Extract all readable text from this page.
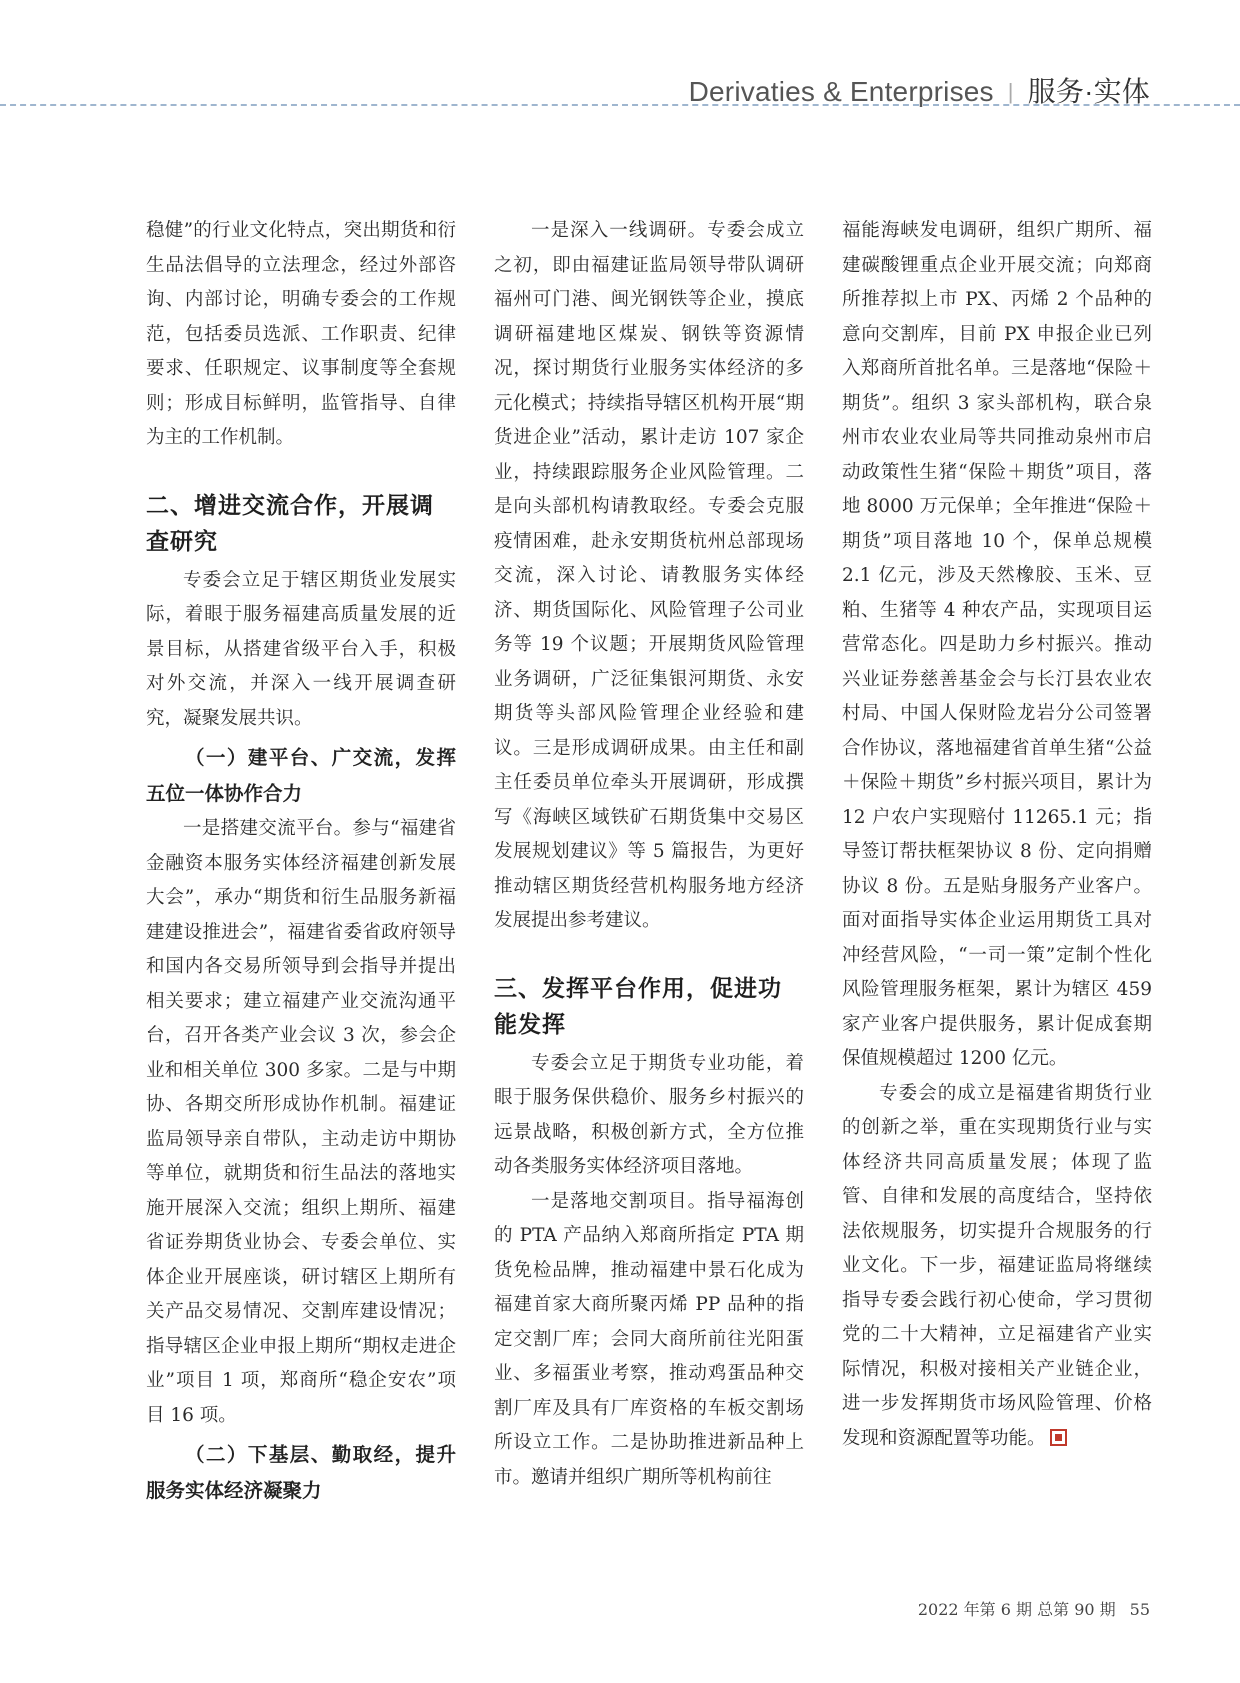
Derivaties & Enterprises | 服务·实体

稳健”的行业文化特点，突出期货和衍生品法倡导的立法理念，经过外部咨询、内部讨论，明确专委会的工作规范，包括委员选派、工作职责、纪律要求、任职规定、议事制度等全套规则；形成目标鲜明，监管指导、自律为主的工作机制。

二、增进交流合作，开展调查研究

专委会立足于辖区期货业发展实际，着眼于服务福建高质量发展的近景目标，从搭建省级平台入手，积极对外交流，并深入一线开展调查研究，凝聚发展共识。

（一）建平台、广交流，发挥五位一体协作合力

一是搭建交流平台。参与“福建省金融资本服务实体经济福建创新发展大会”，承办“期货和衍生品服务新福建建设推进会”，福建省委省政府领导和国内各交易所领导到会指导并提出相关要求；建立福建产业交流沟通平台，召开各类产业会议 3 次，参会企业和相关单位 300 多家。二是与中期协、各期交所形成协作机制。福建证监局领导亲自带队，主动走访中期协等单位，就期货和衍生品法的落地实施开展深入交流；组织上期所、福建省证券期货业协会、专委会单位、实体企业开展座谈，研讨辖区上期所有关产品交易情况、交割库建设情况；指导辖区企业申报上期所“期权走进企业”项目 1 项，郑商所“稳企安农”项目 16 项。

（二）下基层、勤取经，提升服务实体经济凝聚力

一是深入一线调研。专委会成立之初，即由福建证监局领导带队调研福州可门港、闽光钢铁等企业，摸底调研福建地区煤炭、钢铁等资源情况，探讨期货行业服务实体经济的多元化模式；持续指导辖区机构开展“期货进企业”活动，累计走访 107 家企业，持续跟踪服务企业风险管理。二是向头部机构请教取经。专委会克服疫情困难，赴永安期货杭州总部现场交流，深入讨论、请教服务实体经济、期货国际化、风险管理子公司业务等 19 个议题；开展期货风险管理业务调研，广泛征集银河期货、永安期货等头部风险管理企业经验和建议。三是形成调研成果。由主任和副主任委员单位牵头开展调研，形成撰写《海峡区域铁矿石期货集中交易区发展规划建议》等 5 篇报告，为更好推动辖区期货经营机构服务地方经济发展提出参考建议。

三、发挥平台作用，促进功能发挥

专委会立足于期货专业功能，着眼于服务保供稳价、服务乡村振兴的远景战略，积极创新方式，全方位推动各类服务实体经济项目落地。

一是落地交割项目。指导福海创的 PTA 产品纳入郑商所指定 PTA 期货免检品牌，推动福建中景石化成为福建首家大商所聚丙烯 PP 品种的指定交割厂库；会同大商所前往光阳蛋业、多福蛋业考察，推动鸡蛋品种交割厂库及具有厂库资格的车板交割场所设立工作。二是协助推进新品种上市。邀请并组织广期所等机构前往

福能海峡发电调研，组织广期所、福建碳酸锂重点企业开展交流；向郑商所推荐拟上市 PX、丙烯 2 个品种的意向交割库，目前 PX 申报企业已列入郑商所首批名单。三是落地“保险＋期货”。组织 3 家头部机构，联合泉州市农业农业局等共同推动泉州市启动政策性生猪“保险＋期货”项目，落地 8000 万元保单；全年推进“保险＋期货”项目落地 10 个，保单总规模 2.1 亿元，涉及天然橡胶、玉米、豆粕、生猪等 4 种农产品，实现项目运营常态化。四是助力乡村振兴。推动兴业证券慈善基金会与长汀县农业农村局、中国人保财险龙岩分公司签署合作协议，落地福建省首单生猪“公益＋保险＋期货”乡村振兴项目，累计为 12 户农户实现赔付 11265.1 元；指导签订帮扶框架协议 8 份、定向捐赠协议 8 份。五是贴身服务产业客户。面对面指导实体企业运用期货工具对冲经营风险，“一司一策”定制个性化风险管理服务框架，累计为辖区 459 家产业客户提供服务，累计促成套期保值规模超过 1200 亿元。

专委会的成立是福建省期货行业的创新之举，重在实现期货行业与实体经济共同高质量发展；体现了监管、自律和发展的高度结合，坚持依法依规服务，切实提升合规服务的行业文化。下一步，福建证监局将继续指导专委会践行初心使命，学习贯彻党的二十大精神，立足福建省产业实际情况，积极对接相关产业链企业，进一步发挥期货市场风险管理、价格发现和资源配置等功能。

2022 年第 6 期 总第 90 期 55
